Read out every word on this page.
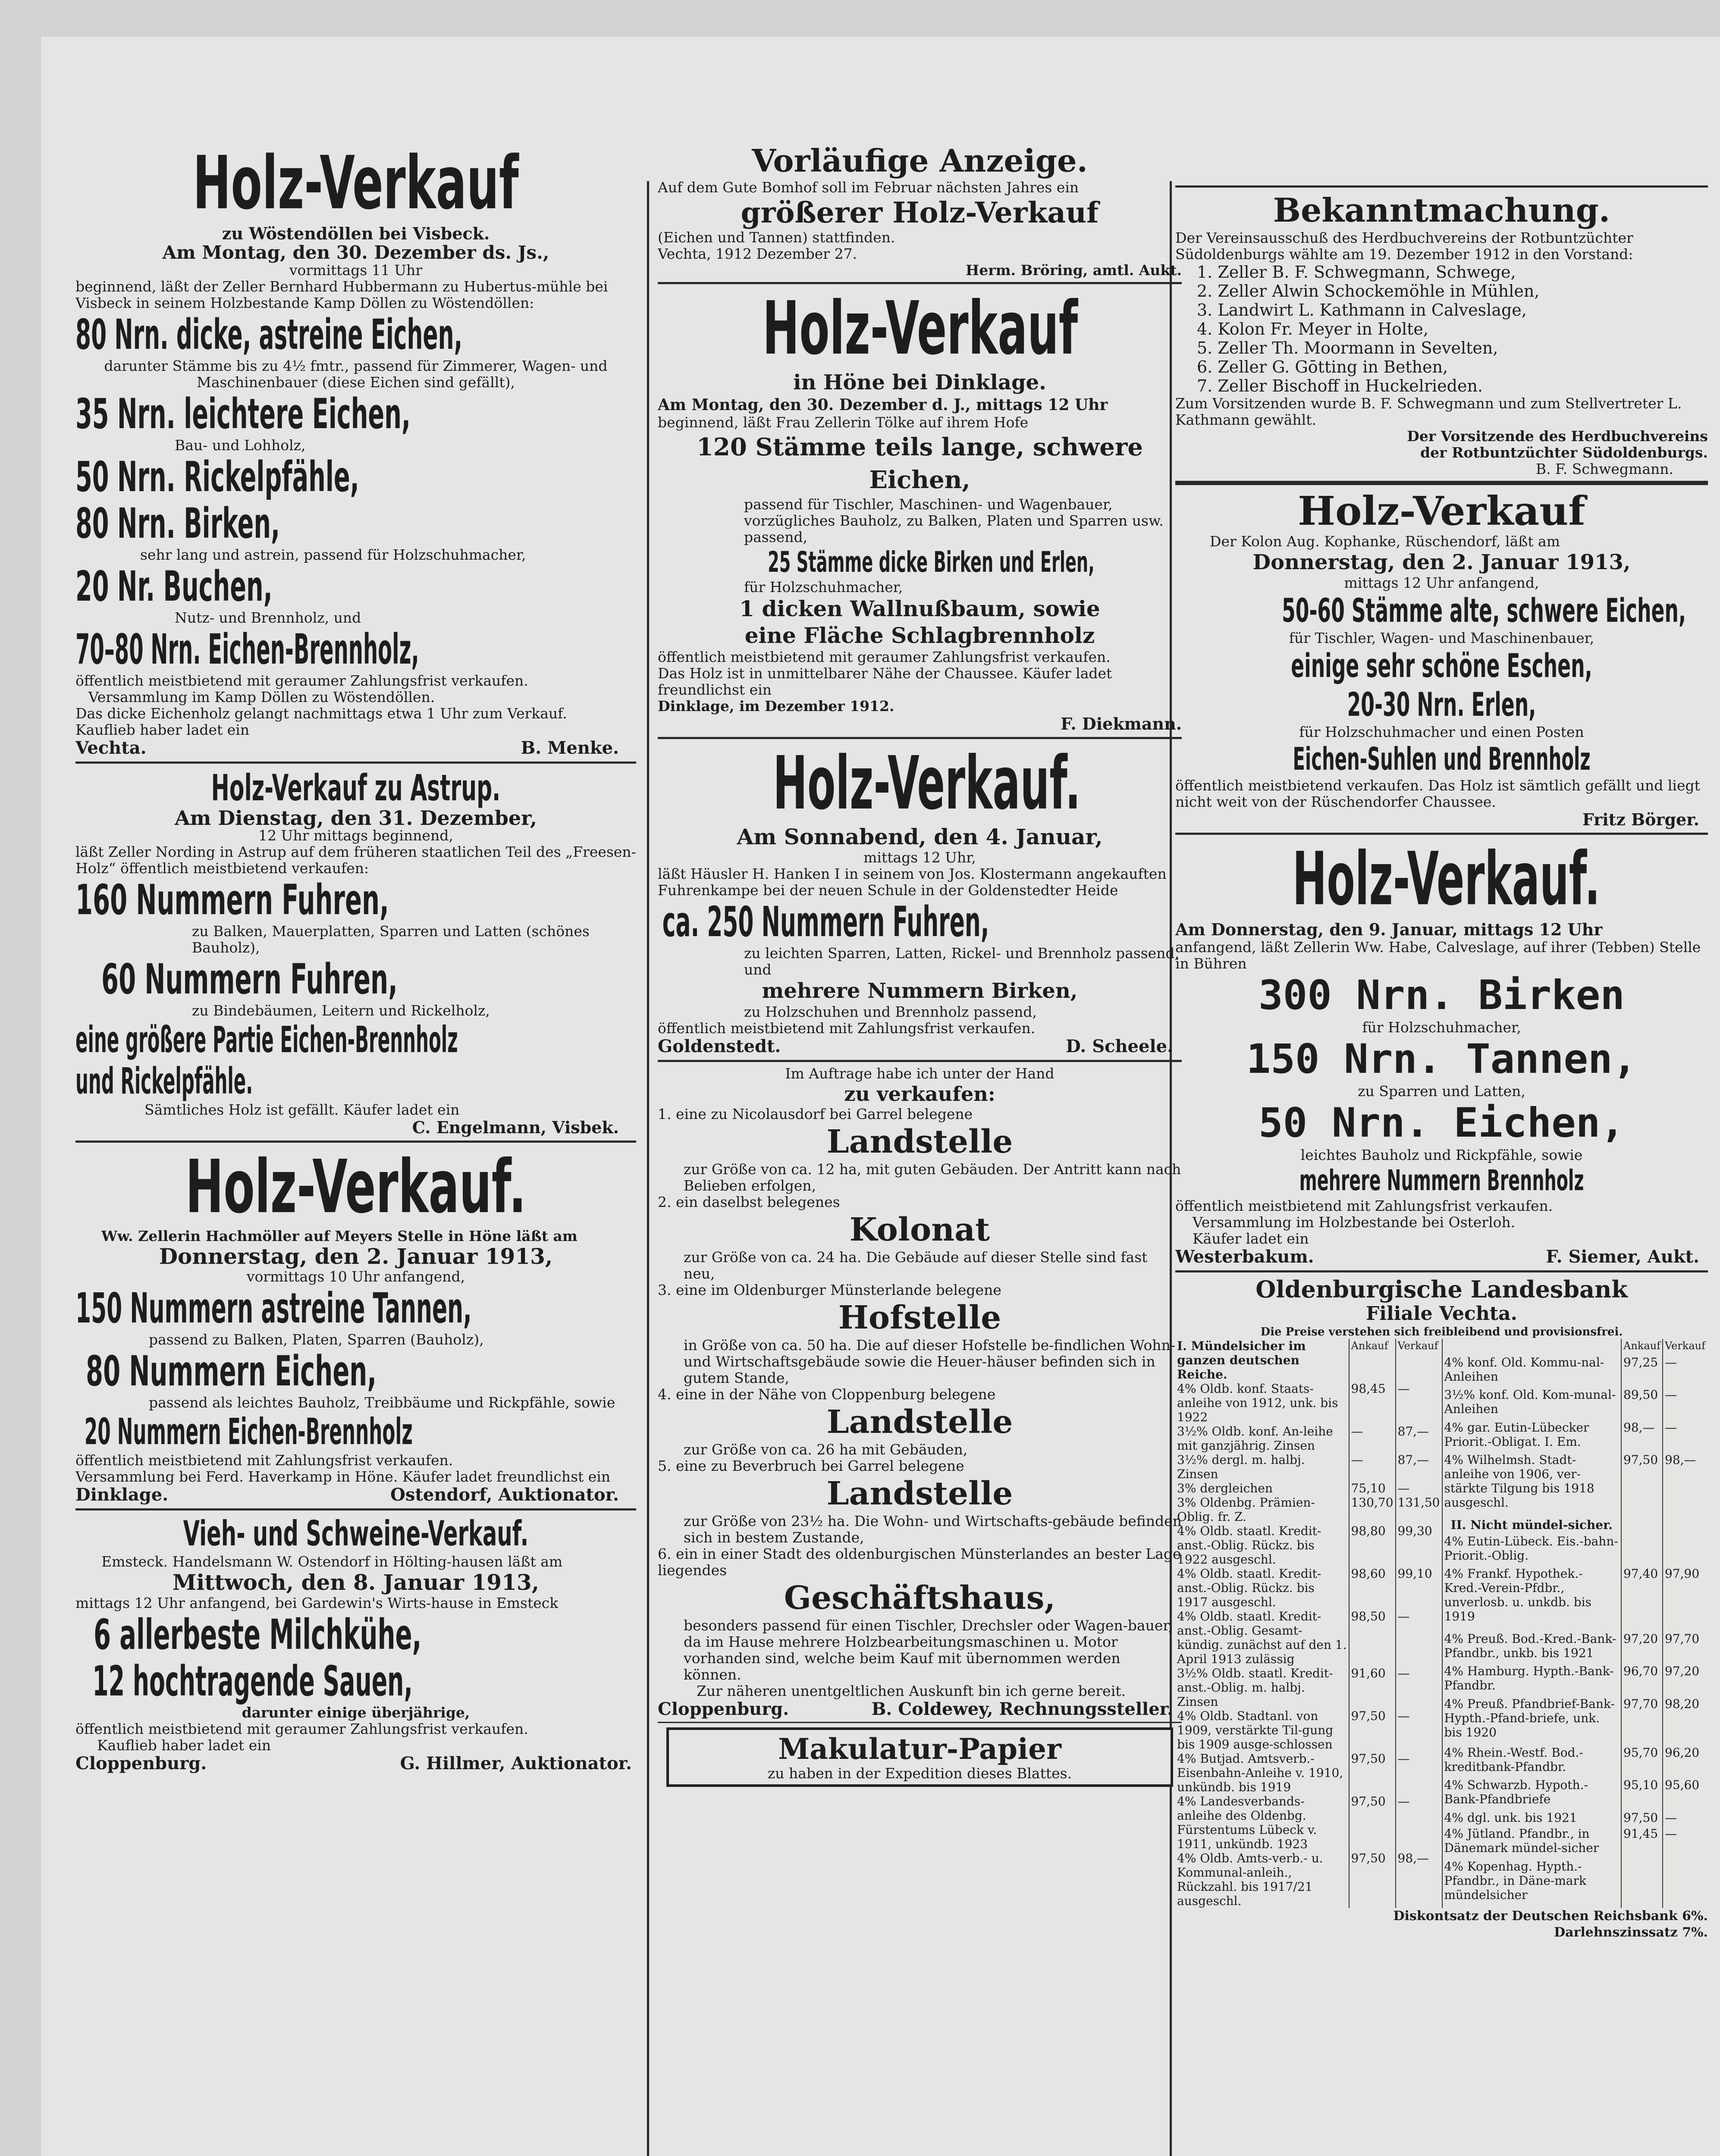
Holz-Verkauf

zu Wöstendöllen bei Visbeck.

Am Montag, den 30. Dezember ds. Js.,

vormittags 11 Uhr

beginnend, läßt der Zeller Bernhard Hubbermann zu Hubertus-mühle bei Visbeck in seinem Holzbestande Kamp Döllen zu Wöstendöllen:

80 Nrn. dicke, astreine Eichen,

darunter Stämme bis zu 4½ fmtr., passend für Zimmerer, Wagen- und Maschinenbauer (diese Eichen sind gefällt),

35 Nrn. leichtere Eichen,

Bau- und Lohholz,

50 Nrn. Rickelpfähle,
80 Nrn. Birken,

sehr lang und astrein, passend für Holzschuhmacher,

20 Nr. Buchen,

Nutz- und Brennholz, und

70–80 Nrn. Eichen-Brennholz,

öffentlich meistbietend mit geraumer Zahlungsfrist verkaufen.

Versammlung im Kamp Döllen zu Wöstendöllen.

Das dicke Eichenholz gelangt nachmittags etwa 1 Uhr zum Verkauf.

Kauflieb haber ladet ein

Vechta.	B. Menke.
Holz-Verkauf zu Astrup.

Am Dienstag, den 31. Dezember,

12 Uhr mittags beginnend,

läßt Zeller Nording in Astrup auf dem früheren staatlichen Teil des „Freesen-Holz“ öffentlich meistbietend verkaufen:

160 Nummern Fuhren,

zu Balken, Mauerplatten, Sparren und Latten (schönes Bauholz),

60 Nummern Fuhren,

zu Bindebäumen, Leitern und Rickelholz,

eine größere Partie Eichen-Brennholz
und Rickelpfähle.

Sämtliches Holz ist gefällt. Käufer ladet ein

C. Engelmann, Visbek.

Holz-Verkauf.

Ww. Zellerin Hachmöller auf Meyers Stelle in Höne läßt am

Donnerstag, den 2. Januar 1913,

vormittags 10 Uhr anfangend,

150 Nummern astreine Tannen,

passend zu Balken, Platen, Sparren (Bauholz),

80 Nummern Eichen,

passend als leichtes Bauholz, Treibbäume und Rickpfähle, sowie

20 Nummern Eichen-Brennholz

öffentlich meistbietend mit Zahlungsfrist verkaufen.

Versammlung bei Ferd. Haverkamp in Höne. Käufer ladet freundlichst ein

Dinklage.	Ostendorf, Auktionator.
Vieh- und Schweine-Verkauf.

Emsteck. Handelsmann W. Ostendorf in Hölting-hausen läßt am

Mittwoch, den 8. Januar 1913,

mittags 12 Uhr anfangend, bei Gardewin's Wirts-hause in Emsteck

6 allerbeste Milchkühe,
12 hochtragende Sauen,

darunter einige überjährige,

öffentlich meistbietend mit geraumer Zahlungsfrist verkaufen.

Kauflieb haber ladet ein

Cloppenburg.	G. Hillmer, Auktionator.

Vorläufige Anzeige.

Auf dem Gute Bomhof soll im Februar nächsten Jahres ein

größerer Holz-Verkauf

(Eichen und Tannen) stattfinden.

Vechta, 1912 Dezember 27.

Herm. Bröring, amtl. Aukt.

Holz-Verkauf

in Höne bei Dinklage.

Am Montag, den 30. Dezember d. J., mittags 12 Uhr

beginnend, läßt Frau Zellerin Tölke auf ihrem Hofe

120 Stämme teils lange, schwere Eichen,

passend für Tischler, Maschinen- und Wagenbauer, vorzügliches Bauholz, zu Balken, Platen und Sparren usw. passend,

25 Stämme dicke Birken und Erlen,

für Holzschuhmacher,

1 dicken Wallnußbaum, sowie

eine Fläche Schlagbrennholz

öffentlich meistbietend mit geraumer Zahlungsfrist verkaufen.

Das Holz ist in unmittelbarer Nähe der Chaussee. Käufer ladet freundlichst ein

Dinklage, im Dezember 1912.

F. Diekmann.

Holz-Verkauf.

Am Sonnabend, den 4. Januar,

mittags 12 Uhr,

läßt Häusler H. Hanken I in seinem von Jos. Klostermann angekauften Fuhrenkampe bei der neuen Schule in der Goldenstedter Heide

ca. 250 Nummern Fuhren,

zu leichten Sparren, Latten, Rickel- und Brennholz passend, und

mehrere Nummern Birken,

zu Holzschuhen und Brennholz passend,

öffentlich meistbietend mit Zahlungsfrist verkaufen.

Goldenstedt.	D. Scheele.

Im Auftrage habe ich unter der Hand

zu verkaufen:

1. eine zu Nicolausdorf bei Garrel belegene

Landstelle

zur Größe von ca. 12 ha, mit guten Gebäuden. Der Antritt kann nach Belieben erfolgen,

2. ein daselbst belegenes

Kolonat

zur Größe von ca. 24 ha. Die Gebäude auf dieser Stelle sind fast neu,

3. eine im Oldenburger Münsterlande belegene

Hofstelle

in Größe von ca. 50 ha. Die auf dieser Hofstelle be-findlichen Wohn- und Wirtschaftsgebäude sowie die Heuer-häuser befinden sich in gutem Stande,

4. eine in der Nähe von Cloppenburg belegene

Landstelle

zur Größe von ca. 26 ha mit Gebäuden,

5. eine zu Beverbruch bei Garrel belegene

Landstelle

zur Größe von 23½ ha. Die Wohn- und Wirtschafts-gebäude befinden sich in bestem Zustande,

6. ein in einer Stadt des oldenburgischen Münsterlandes an bester Lage liegendes

Geschäftshaus,

besonders passend für einen Tischler, Drechsler oder Wagen-bauer, da im Hause mehrere Holzbearbeitungsmaschinen u. Motor vorhanden sind, welche beim Kauf mit übernommen werden können.

Zur näheren unentgeltlichen Auskunft bin ich gerne bereit.

Cloppenburg.	B. Coldewey, Rechnungssteller.

Makulatur-Papier

zu haben in der Expedition dieses Blattes.

Bekanntmachung.

Der Vereinsausschuß des Herdbuchvereins der Rotbuntzüchter Südoldenburgs wählte am 19. Dezember 1912 in den Vorstand:

1. Zeller B. F. Schwegmann, Schwege,

2. Zeller Alwin Schockemöhle in Mühlen,

3. Landwirt L. Kathmann in Calveslage,

4. Kolon Fr. Meyer in Holte,

5. Zeller Th. Moormann in Sevelten,

6. Zeller G. Gōtting in Bethen,

7. Zeller Bischoff in Huckelrieden.

Zum Vorsitzenden wurde B. F. Schwegmann und zum Stellvertreter L. Kathmann gewählt.

Der Vorsitzende des Herdbuchvereins

der Rotbuntzüchter Südoldenburgs.

B. F. Schwegmann.

Holz-Verkauf

Der Kolon Aug. Kophanke, Rüschendorf, läßt am

Donnerstag, den 2. Januar 1913,

mittags 12 Uhr anfangend,

50-60 Stämme alte, schwere Eichen,

für Tischler, Wagen- und Maschinenbauer,

einige sehr schöne Eschen,
20-30 Nrn. Erlen,

für Holzschuhmacher und einen Posten

Eichen-Suhlen und Brennholz

öffentlich meistbietend verkaufen. Das Holz ist sämtlich gefällt und liegt nicht weit von der Rüschendorfer Chaussee.

Fritz Börger.

Holz-Verkauf.

Am Donnerstag, den 9. Januar, mittags 12 Uhr

anfangend, läßt Zellerin Ww. Habe, Calveslage, auf ihrer (Tebben) Stelle in Bühren

300 Nrn. Birken

für Holzschuhmacher,

150 Nrn. Tannen,

zu Sparren und Latten,

50 Nrn. Eichen,

leichtes Bauholz und Rickpfähle, sowie

mehrere Nummern Brennholz

öffentlich meistbietend mit Zahlungsfrist verkaufen.

Versammlung im Holzbestande bei Osterloh.

Käufer ladet ein

Westerbakum.	F. Siemer, Aukt.

Oldenburgische Landesbank

Filiale Vechta.

Die Preise verstehen sich freibleibend und provisionsfrei.

I. Mündelsicher im ganzen deutschen Reiche.	Ankauf	Verkauf
4% Oldb. konf. Staats-anleihe von 1912, unk. bis 1922	98,45	—
3½% Oldb. konf. An-leihe mit ganzjährig. Zinsen	—	87,—
3½% dergl. m. halbj. Zinsen	—	87,—
3% dergleichen	75,10	—
3% Oldenbg. Prämien-Oblig. fr. Z.	130,70	131,50
4% Oldb. staatl. Kredit-anst.-Oblig. Rückz. bis 1922 ausgeschl.	98,80	99,30
4% Oldb. staatl. Kredit-anst.-Oblig. Rückz. bis 1917 ausgeschl.	98,60	99,10
4% Oldb. staatl. Kredit-anst.-Oblig. Gesamt-kündig. zunächst auf den 1. April 1913 zulässig	98,50	—
3½% Oldb. staatl. Kredit-anst.-Oblig. m. halbj. Zinsen	91,60	—
4% Oldb. Stadtanl. von 1909, verstärkte Til-gung bis 1909 ausge-schlossen	97,50	—
4% Butjad. Amtsverb.-Eisenbahn-Anleihe v. 1910, unkündb. bis 1919	97,50	—
4% Landesverbands-anleihe des Oldenbg. Fürstentums Lübeck v. 1911, unkündb. 1923	97,50	—
4% Oldb. Amts-verb.- u. Kommunal-anleih., Rückzahl. bis 1917/21 ausgeschl.	97,50	98,—
	Ankauf	Verkauf
4% konf. Old. Kommu-nal-Anleihen	97,25	—
3½% konf. Old. Kom-munal-Anleihen	89,50	—
4% gar. Eutin-Lübecker Priorit.-Obligat. I. Em.	98,—	—
4% Wilhelmsh. Stadt-anleihe von 1906, ver-stärkte Tilgung bis 1918 ausgeschl.	97,50	98,—
II. Nicht mündel-sicher.		
4% Eutin-Lübeck. Eis.-bahn-Priorit.-Oblig.		
4% Frankf. Hypothek.-Kred.-Verein-Pfdbr., unverlosb. u. unkdb. bis 1919	97,40	97,90
4% Preuß. Bod.-Kred.-Bank-Pfandbr., unkb. bis 1921	97,20	97,70
4% Hamburg. Hypth.-Bank-Pfandbr.	96,70	97,20
4% Preuß. Pfandbrief-Bank-Hypth.-Pfand-briefe, unk. bis 1920	97,70	98,20
4% Rhein.-Westf. Bod.-kreditbank-Pfandbr.	95,70	96,20
4% Schwarzb. Hypoth.-Bank-Pfandbriefe	95,10	95,60
4% dgl. unk. bis 1921	97,50	—
4% Jütland. Pfandbr., in Dänemark mündel-sicher	91,45	—
4% Kopenhag. Hypth.-Pfandbr., in Däne-mark mündelsicher		

Diskontsatz der Deutschen Reichsbank 6%.

Darlehnszinssatz 7%.
